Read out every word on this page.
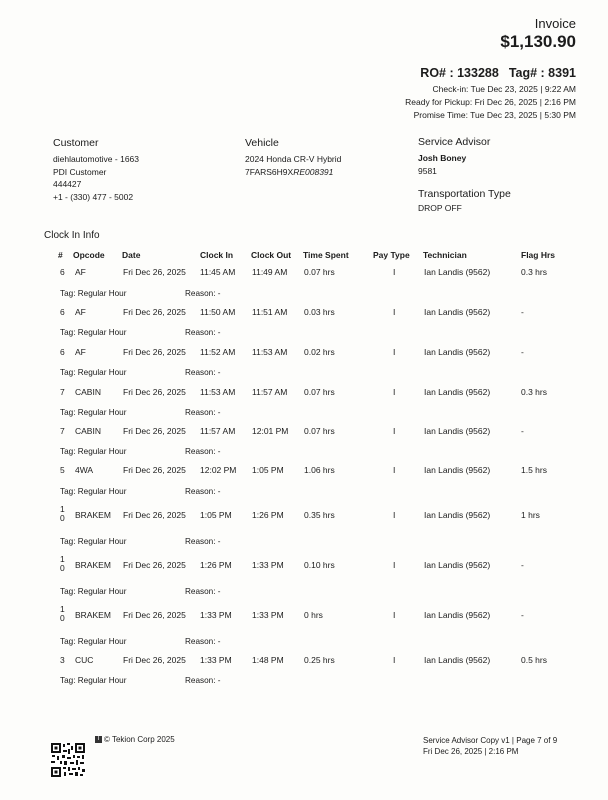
Invoice
$1,130.90
RO# : 133288 Tag# : 8391
Check-in: Tue Dec 23, 2025 | 9:22 AM
Ready for Pickup: Fri Dec 26, 2025 | 2:16 PM
Promise Time: Tue Dec 23, 2025 | 5:30 PM
Customer
diehlautomotive - 1663
PDI Customer
444427
+1 - (330) 477 - 5002
Vehicle
2024 Honda CR-V Hybrid
7FARS6H9XRE008391
Service Advisor
Josh Boney
9581
Transportation Type
DROP OFF
Clock In Info
# Opcode Date	Clock In Clock Out Time Spent	Pay Type Technician	Flag Hrs
6 AF	Fri Dec 26, 2025 11:45 AM 11:49 AM 0.07 hrs	I	Ian Landis (9562)	0.3 hrs
Tag: Regular Hour	Reason: -
6 AF	Fri Dec 26, 2025 11:50 AM 11:51 AM 0.03 hrs	I	Ian Landis (9562)	-
Tag: Regular Hour	Reason: -
6 AF	Fri Dec 26, 2025 11:52 AM 11:53 AM 0.02 hrs	I	Ian Landis (9562)	-
Tag: Regular Hour	Reason: -
7 CABIN	Fri Dec 26, 2025 11:53 AM 11:57 AM 0.07 hrs	I	Ian Landis (9562)	0.3 hrs
Tag: Regular Hour	Reason: -
7 CABIN	Fri Dec 26, 2025 11:57 AM 12:01 PM 0.07 hrs	I	Ian Landis (9562)	-
Tag: Regular Hour	Reason: -
5 4WA	Fri Dec 26, 2025 12:02 PM 1:05 PM 1.06 hrs	I	Ian Landis (9562)	1.5 hrs
Tag: Regular Hour	Reason: -
1
0 BRAKEM Fri Dec 26, 2025 1:05 PM 1:26 PM 0.35 hrs	I	Ian Landis (9562)	1 hrs
Tag: Regular Hour	Reason: -
1
0 BRAKEM Fri Dec 26, 2025 1:26 PM 1:33 PM 0.10 hrs	I	Ian Landis (9562)	-
Tag: Regular Hour	Reason: -
1
0 BRAKEM Fri Dec 26, 2025 1:33 PM 1:33 PM 0 hrs	I	Ian Landis (9562)	-
Tag: Regular Hour	Reason: -
3 CUC	Fri Dec 26, 2025 1:33 PM 1:48 PM 0.25 hrs	I	Ian Landis (9562)	0.5 hrs
Tag: Regular Hour	Reason: -
T © Tekion Corp 2025	Service Advisor Copy v1 | Page 7 of 9
Fri Dec 26, 2025 | 2:16 PM
